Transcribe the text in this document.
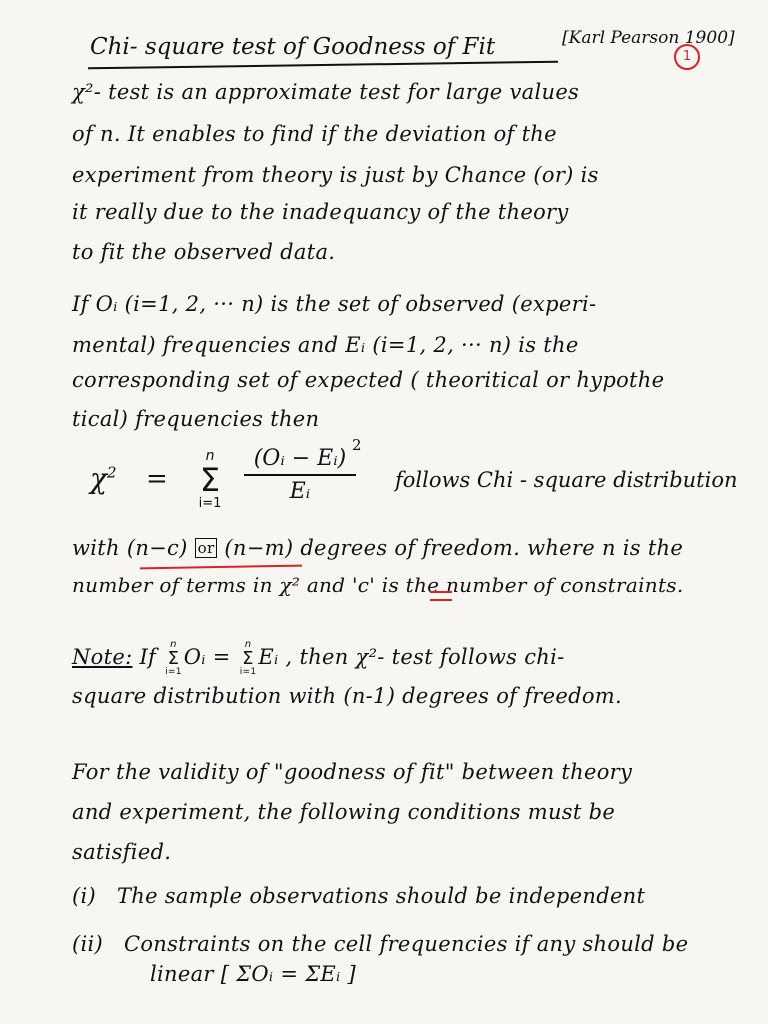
Chi- square test of Goodness of Fit	[Karl Pearson 1900]
1
χ²- test is an approximate test for large values
of n. It enables to find if the deviation of the
experiment from theory is just by Chance (or) is
it really due to the inadequancy of the theory
to fit the observed data.
If Oᵢ (i=1, 2, ··· n) is the set of observed (experi-
mental) frequencies and Eᵢ (i=1, 2, ··· n) is the
corresponding set of expected ( theoritical or hypothe
tical) frequencies then
$\chi^2$ =
n
Σ
i=1
(Oᵢ − Eᵢ)
Eᵢ
2
follows Chi - square distribution
with (n−c) or (n−m) degrees of freedom. where n is the
number of terms in χ² and 'c' is the number of constraints.
Note: If
n
Σ
i=1
Oᵢ =
n
Σ
i=1
Eᵢ , then χ²- test follows chi-
square distribution with (n-1) degrees of freedom.
For the validity of "goodness of fit" between theory
and experiment, the following conditions must be
satisfied.
(i) The sample observations should be independent
(ii) Constraints on the cell frequencies if any should be
linear [ ΣOᵢ = ΣEᵢ ]
